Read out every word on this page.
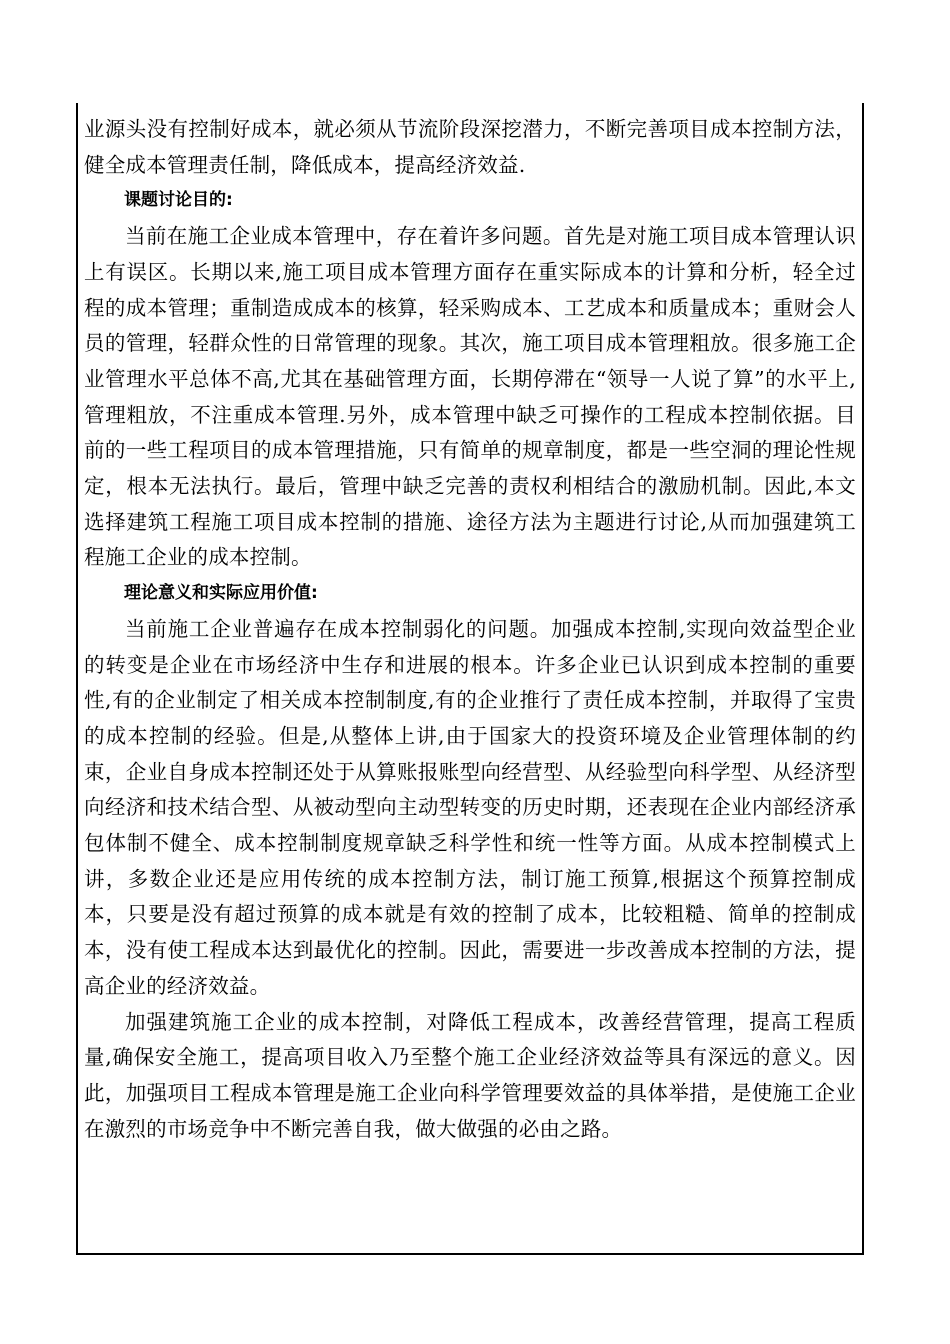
业源头没有控制好成本，就必须从节流阶段深挖潜力，不断完善项目成本控制方法，健全成本管理责任制，降低成本，提高经济效益.

课题讨论目的:

当前在施工企业成本管理中，存在着许多问题。首先是对施工项目成本管理认识上有误区。长期以来,施工项目成本管理方面存在重实际成本的计算和分析，轻全过程的成本管理；重制造成成本的核算，轻采购成本、工艺成本和质量成本；重财会人员的管理，轻群众性的日常管理的现象。其次，施工项目成本管理粗放。很多施工企业管理水平总体不高,尤其在基础管理方面，长期停滞在“领导一人说了算”的水平上,管理粗放，不注重成本管理.另外，成本管理中缺乏可操作的工程成本控制依据。目前的一些工程项目的成本管理措施，只有简单的规章制度，都是一些空洞的理论性规定，根本无法执行。最后，管理中缺乏完善的责权利相结合的激励机制。因此,本文选择建筑工程施工项目成本控制的措施、途径方法为主题进行讨论,从而加强建筑工程施工企业的成本控制。

理论意义和实际应用价值:

当前施工企业普遍存在成本控制弱化的问题。加强成本控制,实现向效益型企业的转变是企业在市场经济中生存和进展的根本。许多企业已认识到成本控制的重要性,有的企业制定了相关成本控制制度,有的企业推行了责任成本控制，并取得了宝贵的成本控制的经验。但是,从整体上讲,由于国家大的投资环境及企业管理体制的约束，企业自身成本控制还处于从算账报账型向经营型、从经验型向科学型、从经济型向经济和技术结合型、从被动型向主动型转变的历史时期，还表现在企业内部经济承包体制不健全、成本控制制度规章缺乏科学性和统一性等方面。从成本控制模式上讲，多数企业还是应用传统的成本控制方法，制订施工预算,根据这个预算控制成本，只要是没有超过预算的成本就是有效的控制了成本，比较粗糙、简单的控制成本，没有使工程成本达到最优化的控制。因此，需要进一步改善成本控制的方法，提高企业的经济效益。

加强建筑施工企业的成本控制，对降低工程成本，改善经营管理，提高工程质量,确保安全施工，提高项目收入乃至整个施工企业经济效益等具有深远的意义。因此，加强项目工程成本管理是施工企业向科学管理要效益的具体举措，是使施工企业在激烈的市场竞争中不断完善自我，做大做强的必由之路。
